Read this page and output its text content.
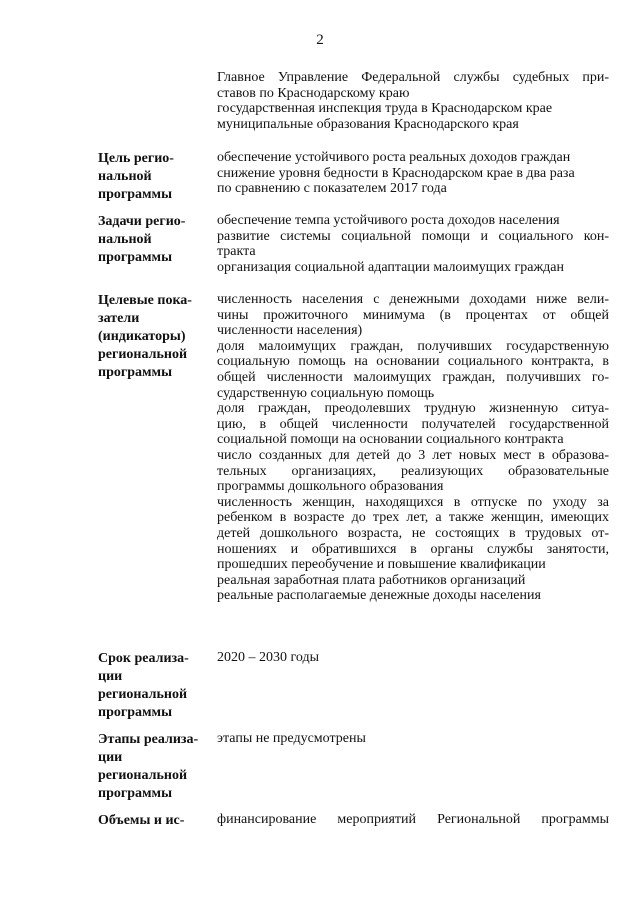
2
Главное Управление Федеральной службы судебных при-
ставов по Краснодарскому краю
государственная инспекция труда в Краснодарском крае
муниципальные образования Краснодарского края
Цель регио-
нальной
программы
обеспечение устойчивого роста реальных доходов граждан
снижение уровня бедности в Краснодарском крае в два раза
по сравнению с показателем 2017 года
Задачи регио-
нальной
программы
обеспечение темпа устойчивого роста доходов населения
развитие системы социальной помощи и социального кон-
тракта
организация социальной адаптации малоимущих граждан
Целевые пока-
затели
(индикаторы)
региональной
программы
численность населения с денежными доходами ниже вели-
чины прожиточного минимума (в процентах от общей
численности населения)
доля малоимущих граждан, получивших государственную
социальную помощь на основании социального контракта, в
общей численности малоимущих граждан, получивших го-
сударственную социальную помощь
доля граждан, преодолевших трудную жизненную ситуа-
цию, в общей численности получателей государственной
социальной помощи на основании социального контракта
число созданных для детей до 3 лет новых мест в образова-
тельных организациях, реализующих образовательные
программы дошкольного образования
численность женщин, находящихся в отпуске по уходу за
ребенком в возрасте до трех лет, а также женщин, имеющих
детей дошкольного возраста, не состоящих в трудовых от-
ношениях и обратившихся в органы службы занятости,
прошедших переобучение и повышение квалификации
реальная заработная плата работников организаций
реальные располагаемые денежные доходы населения
Срок реализа-
ции
региональной
программы
2020 – 2030 годы
Этапы реализа-
ции
региональной
программы
этапы не предусмотрены
Объемы и ис-	финансирование мероприятий Региональной программы
